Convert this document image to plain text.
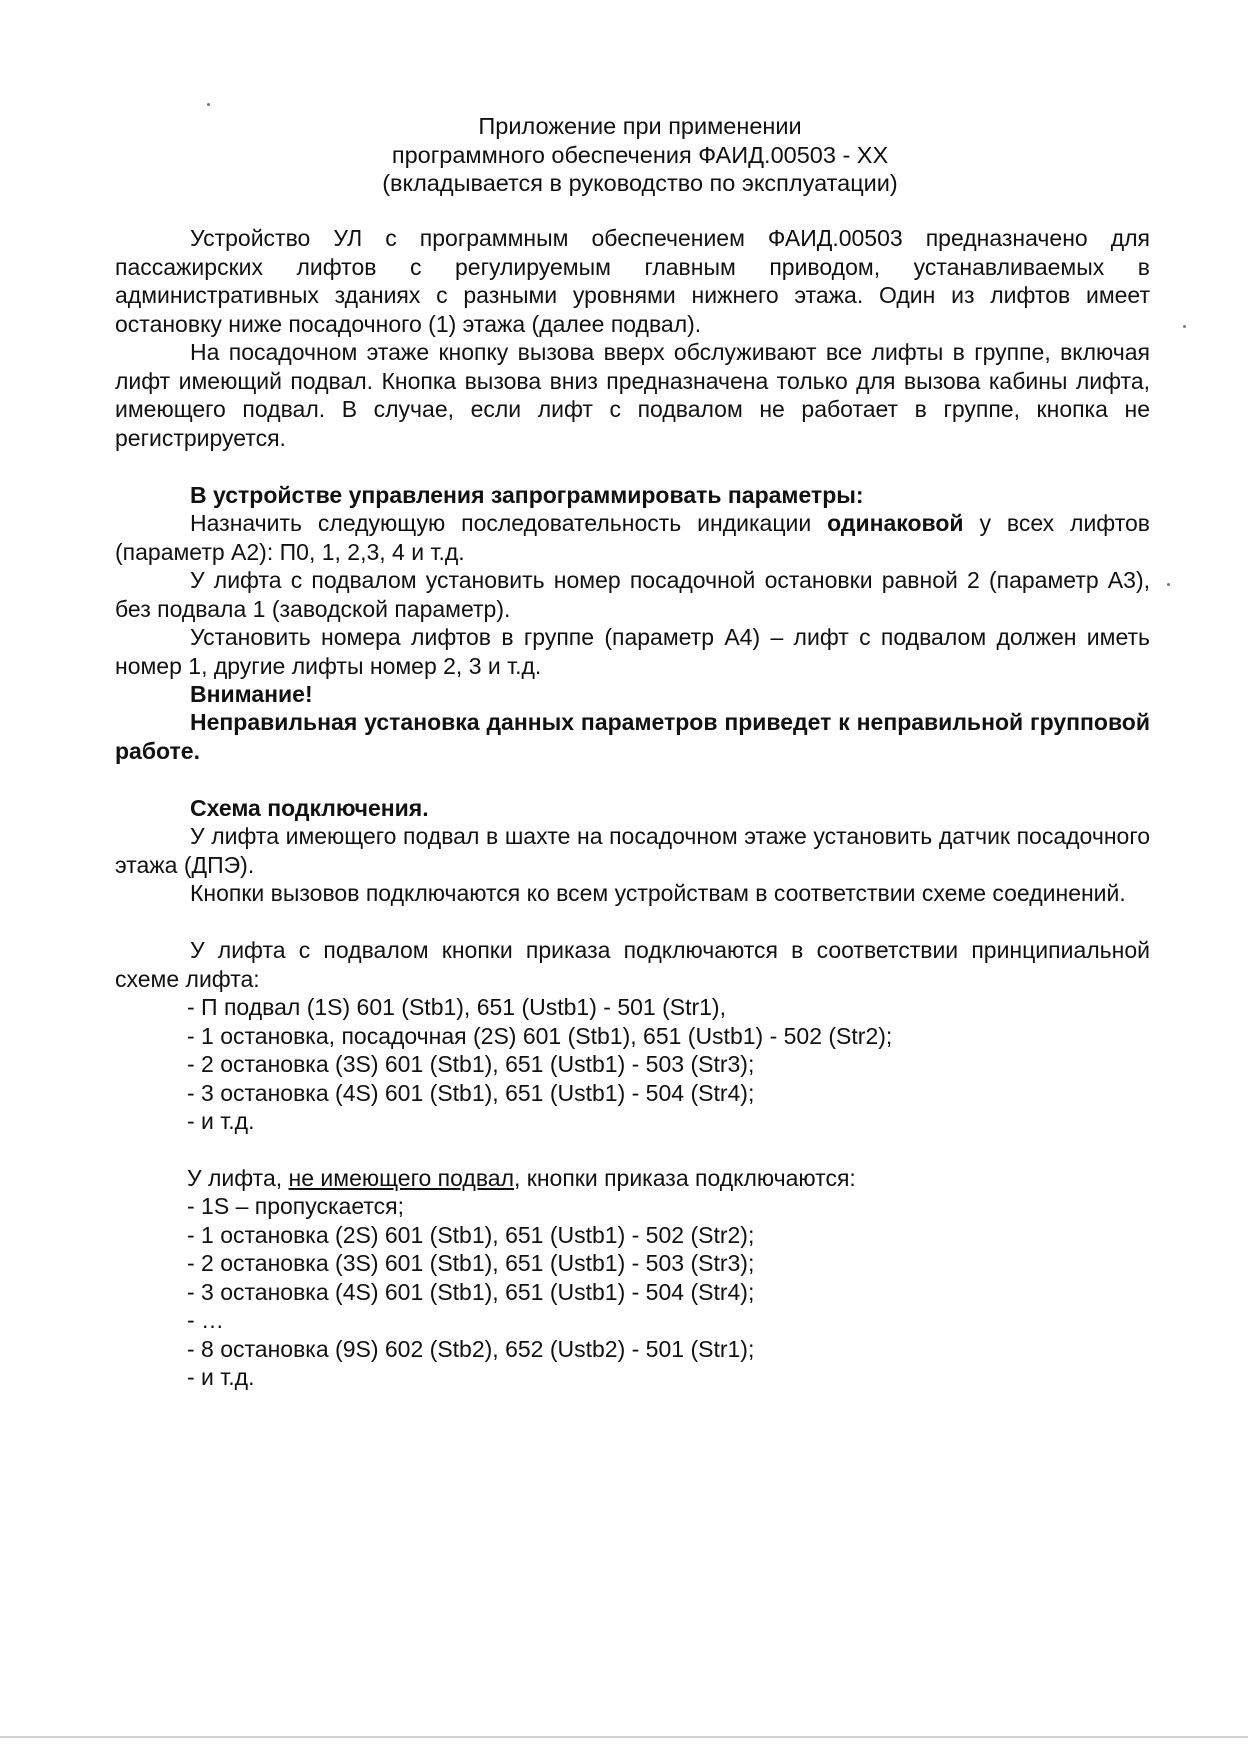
Приложение при применении
программного обеспечения ФАИД.00503 - ХХ
(вкладывается в руководство по эксплуатации)
Устройство УЛ с программным обеспечением ФАИД.00503 предназначено для пассажирских лифтов с регулируемым главным приводом, устанавливаемых в административных зданиях с разными уровнями нижнего этажа. Один из лифтов имеет остановку ниже посадочного (1) этажа (далее подвал).
На посадочном этаже кнопку вызова вверх обслуживают все лифты в группе, включая лифт имеющий подвал. Кнопка вызова вниз предназначена только для вызова кабины лифта, имеющего подвал. В случае, если лифт с подвалом не работает в группе, кнопка не регистрируется.
В устройстве управления запрограммировать параметры:
Назначить следующую последовательность индикации одинаковой у всех лифтов (параметр А2): П0, 1, 2,3, 4 и т.д.
У лифта с подвалом установить номер посадочной остановки равной 2 (параметр А3), без подвала 1 (заводской параметр).
Установить номера лифтов в группе (параметр А4) – лифт с подвалом должен иметь номер 1, другие лифты номер 2, 3 и т.д.
Внимание!
Неправильная установка данных параметров приведет к неправильной групповой работе.
Схема подключения.
У лифта имеющего подвал в шахте на посадочном этаже установить датчик посадочного этажа (ДПЭ).
Кнопки вызовов подключаются ко всем устройствам в соответствии схеме соединений.
У лифта с подвалом кнопки приказа подключаются в соответствии принципиальной схеме лифта:
- П подвал (1S) 601 (Stb1), 651 (Ustb1) - 501 (Str1),
- 1 остановка, посадочная (2S) 601 (Stb1), 651 (Ustb1) - 502 (Str2);
- 2 остановка (3S) 601 (Stb1), 651 (Ustb1) - 503 (Str3);
- 3 остановка (4S) 601 (Stb1), 651 (Ustb1) - 504 (Str4);
- и т.д.
У лифта, не имеющего подвал, кнопки приказа подключаются:
- 1S – пропускается;
- 1 остановка (2S) 601 (Stb1), 651 (Ustb1) - 502 (Str2);
- 2 остановка (3S) 601 (Stb1), 651 (Ustb1) - 503 (Str3);
- 3 остановка (4S) 601 (Stb1), 651 (Ustb1) - 504 (Str4);
- …
- 8 остановка (9S) 602 (Stb2), 652 (Ustb2) - 501 (Str1);
- и т.д.
